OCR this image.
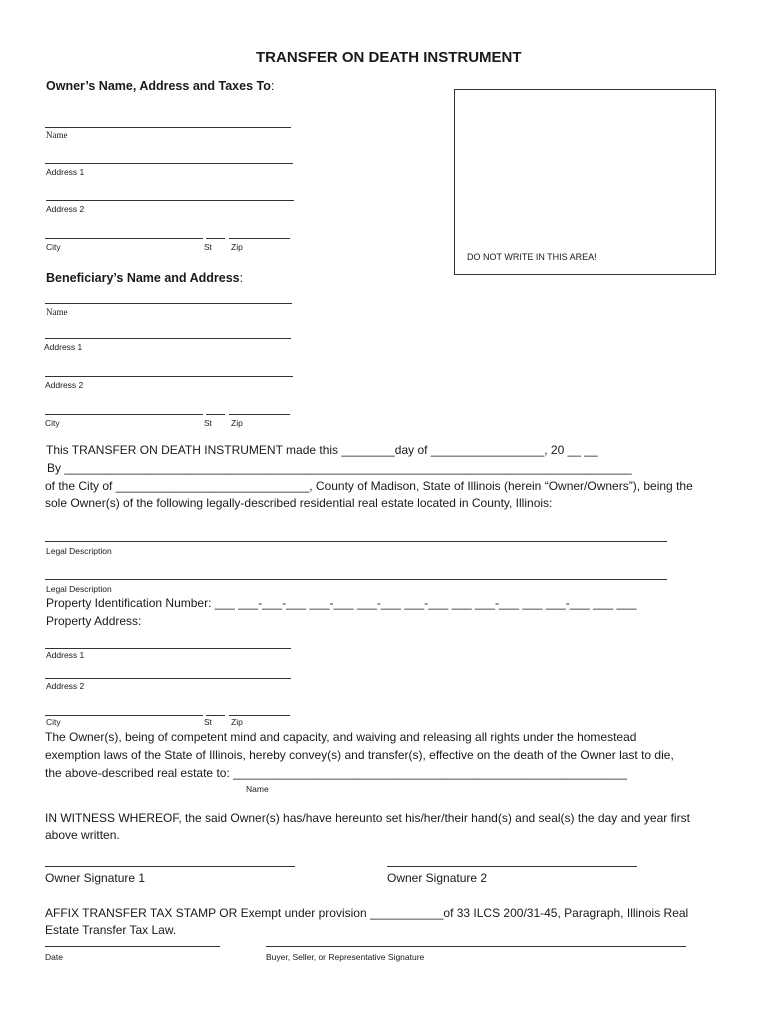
TRANSFER ON DEATH INSTRUMENT
Owner’s Name, Address and Taxes To:
Name
Address 1
Address 2
City	St Zip
DO NOT WRITE IN THIS AREA!
Beneficiary’s Name and Address:
Name
Address 1
Address 2
City	St Zip
This TRANSFER ON DEATH INSTRUMENT made this ________day of _________________, 20 __ __
By _____________________________________________________________________________________
of the City of _____________________________, County of Madison, State of Illinois (herein “Owner/Owners”), being the
sole Owner(s) of the following legally-described residential real estate located in County, Illinois:
Legal Description
Legal Description
Property Identification Number: ___ ___-___-___ ___-___ ___-___ ___-___ ___ ___-___ ___ ___-___ ___ ___
Property Address:
Address 1
Address 2
City	St Zip
The Owner(s), being of competent mind and capacity, and waiving and releasing all rights under the homestead
exemption laws of the State of Illinois, hereby convey(s) and transfer(s), effective on the death of the Owner last to die,
the above-described real estate to: ___________________________________________________________
Name
IN WITNESS WHEREOF, the said Owner(s) has/have hereunto set his/her/their hand(s) and seal(s) the day and year first
above written.
Owner Signature 1	Owner Signature 2
AFFIX TRANSFER TAX STAMP OR Exempt under provision ___________of 33 ILCS 200/31-45, Paragraph, Illinois Real
Estate Transfer Tax Law.
Date	Buyer, Seller, or Representative Signature
